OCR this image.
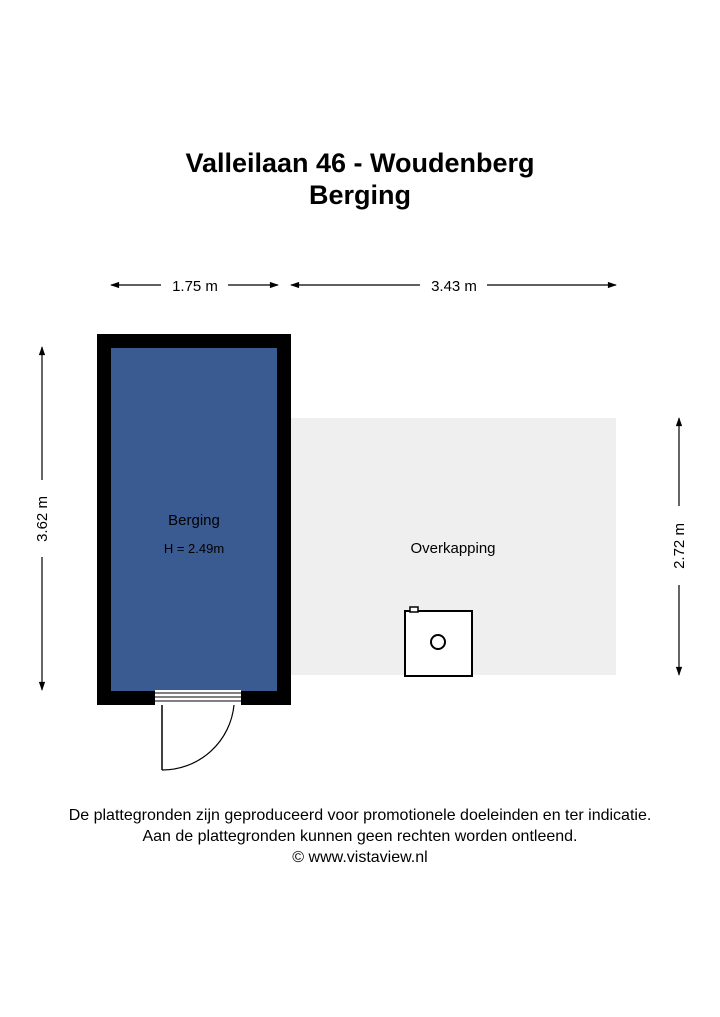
Valleilaan 46 - Woudenberg
Berging
1.75 m	3.43 m
3.62 m
2.72 m
Berging
H = 2.49m	Overkapping
De plattegronden zijn geproduceerd voor promotionele doeleinden en ter indicatie.
Aan de plattegronden kunnen geen rechten worden ontleend.
© www.vistaview.nl
